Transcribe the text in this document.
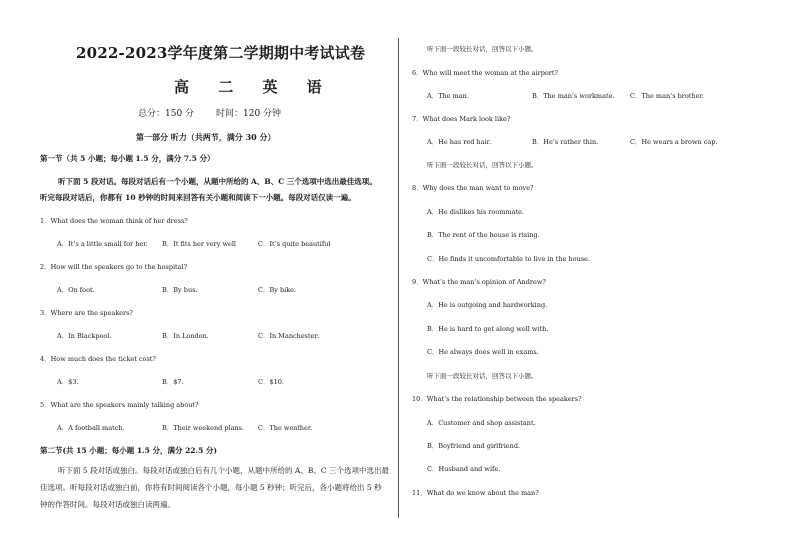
2022-2023学年度第二学期期中考试试卷
高 二 英 语
总分：150 分 时间：120 分钟
第一部分 听力（共两节，满分 30 分）
第一节（共 5 小题；每小题 1.5 分，满分 7.5 分）
听下面 5 段对话。每段对话后有一个小题，从题中所给的 A、B、C 三个选项中选出最佳选项。
听完每段对话后，你都有 10 秒钟的时间来回答有关小题和阅读下一小题。每段对话仅读一遍。
1．What does the woman think of her dress?
A．It’s a little small for her. B．It fits her very well	C．It’s quite beautiful
2．How will the speakers go to the hospital?
A．On foot.	B．By bus.	C．By bike.
3．Where are the speakers?
A．In Blackpool.	B．In London.	C．In Manchester.
4．How much does the ticket cost?
A．$3.	B．$7.	C．$10.
5．What are the speakers mainly talking about?
A．A football match.	B．Their weekend plans. C．The weather.
第二节(共 15 小题；每小题 1.5 分，满分 22.5 分)
听下面 5 段对话或独白。每段对话或独白后有几个小题，从题中所给的 A、B、C 三个选项中选出最
佳选项。听每段对话或独白前，你将有时间阅读各个小题，每小题 5 秒钟；听完后，各小题将给出 5 秒
钟的作答时间。每段对话或独白读两遍。
听下面一段较长对话，回答以下小题。
6．Who will meet the woman at the airport?
A．The man.	B．The man’s workmate. C．The man’s brother.
7．What does Mark look like?
A．He has red hair.	B．He’s rather thin.	C．He wears a brown cap.
听下面一段较长对话，回答以下小题。
8．Why does the man want to move?
A．He dislikes his roommate.
B．The rent of the house is rising.
C．He finds it uncomfortable to live in the house.
9．What’s the man’s opinion of Andrew?
A．He is outgoing and hardworking.
B．He is hard to get along well with.
C．He always does well in exams.
听下面一段较长对话，回答以下小题。
10．What’s the relationship between the speakers?
A．Customer and shop assistant.
B．Boyfriend and girlfriend.
C．Husband and wife.
11．What do we know about the man?
